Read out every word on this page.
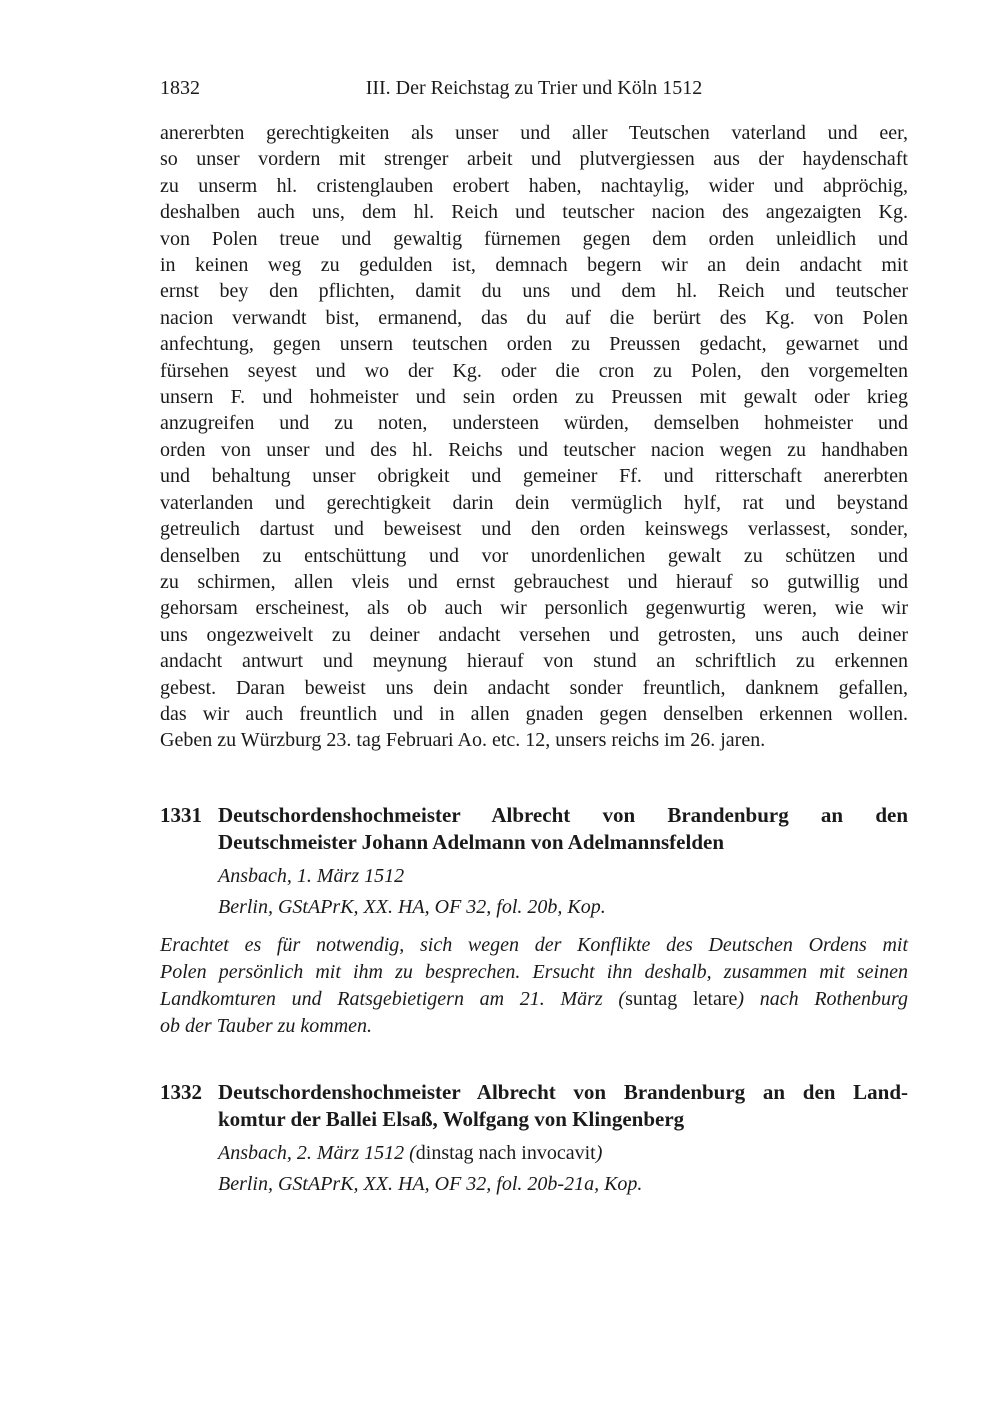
III. Der Reichstag zu Trier und Köln 1512
1832
anererbten gerechtigkeiten als unser und aller Teutschen vaterland und eer,
so unser vordern mit strenger arbeit und plutvergiessen aus der haydenschaft
zu unserm hl. cristenglauben erobert haben, nachtaylig, wider und abpröchig,
deshalben auch uns, dem hl. Reich und teutscher nacion des angezaigten Kg.
von Polen treue und gewaltig fürnemen gegen dem orden unleidlich und
in keinen weg zu gedulden ist, demnach begern wir an dein andacht mit
ernst bey den pflichten, damit du uns und dem hl. Reich und teutscher
nacion verwandt bist, ermanend, das du auf die berürt des Kg. von Polen
anfechtung, gegen unsern teutschen orden zu Preussen gedacht, gewarnet und
fürsehen seyest und wo der Kg. oder die cron zu Polen, den vorgemelten
unsern F. und hohmeister und sein orden zu Preussen mit gewalt oder krieg
anzugreifen und zu noten, understeen würden, demselben hohmeister und
orden von unser und des hl. Reichs und teutscher nacion wegen zu handhaben
und behaltung unser obrigkeit und gemeiner Ff. und ritterschaft anererbten
vaterlanden und gerechtigkeit darin dein vermüglich hylf, rat und beystand
getreulich dartust und beweisest und den orden keinswegs verlassest, sonder,
denselben zu entschüttung und vor unordenlichen gewalt zu schützen und
zu schirmen, allen vleis und ernst gebrauchest und hierauf so gutwillig und
gehorsam erscheinest, als ob auch wir personlich gegenwurtig weren, wie wir
uns ongezweivelt zu deiner andacht versehen und getrosten, uns auch deiner
andacht antwurt und meynung hierauf von stund an schriftlich zu erkennen
gebest. Daran beweist uns dein andacht sonder freuntlich, danknem gefallen,
das wir auch freuntlich und in allen gnaden gegen denselben erkennen wollen.
Geben zu Würzburg 23. tag Februari Ao. etc. 12, unsers reichs im 26. jaren.
1331 Deutschordenshochmeister Albrecht von Brandenburg an den
Deutschmeister Johann Adelmann von Adelmannsfelden
Ansbach, 1. März 1512
Berlin, GStAPrK, XX. HA, OF 32, fol. 20b, Kop.
Erachtet es für notwendig, sich wegen der Konflikte des Deutschen Ordens mit
Polen persönlich mit ihm zu besprechen. Ersucht ihn deshalb, zusammen mit seinen
Landkomturen und Ratsgebietigern am 21. März (suntag letare) nach Rothenburg
ob der Tauber zu kommen.
1332 Deutschordenshochmeister Albrecht von Brandenburg an den Land-
komtur der Ballei Elsaß, Wolfgang von Klingenberg
Ansbach, 2. März 1512 (dinstag nach invocavit)
Berlin, GStAPrK, XX. HA, OF 32, fol. 20b-21a, Kop.
